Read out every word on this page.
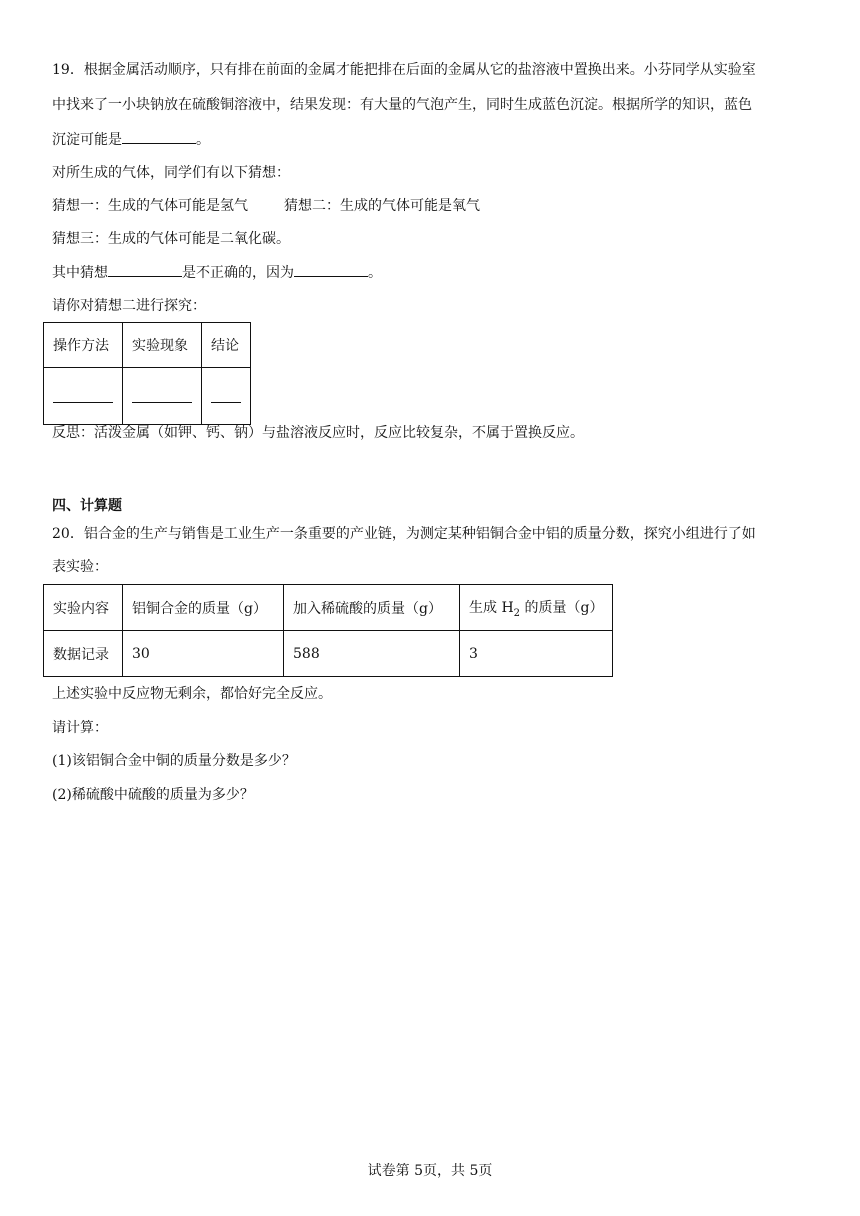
19．根据金属活动顺序，只有排在前面的金属才能把排在后面的金属从它的盐溶液中置换出来。小芬同学从实验室
中找来了一小块钠放在硫酸铜溶液中，结果发现：有大量的气泡产生，同时生成蓝色沉淀。根据所学的知识，蓝色
沉淀可能是	。
对所生成的气体，同学们有以下猜想：
猜想一：生成的气体可能是氢气	猜想二：生成的气体可能是氧气
猜想三：生成的气体可能是二氧化碳。
其中猜想	是不正确的，因为	。
请你对猜想二进行探究：
操作方法	实验现象	结论

反思：活泼金属（如钾、钙、钠）与盐溶液反应时，反应比较复杂，不属于置换反应。
四、计算题
20．铝合金的生产与销售是工业生产一条重要的产业链，为测定某种铝铜合金中铝的质量分数，探究小组进行了如
表实验：
实验内容	铝铜合金的质量（g）	加入稀硫酸的质量（g）	生成 $H_2$ 的质量（g）
数据记录	30	588	3
上述实验中反应物无剩余，都恰好完全反应。
请计算：
(1)该铝铜合金中铜的质量分数是多少？
(2)稀硫酸中硫酸的质量为多少？
试卷第 5页，共 5页
